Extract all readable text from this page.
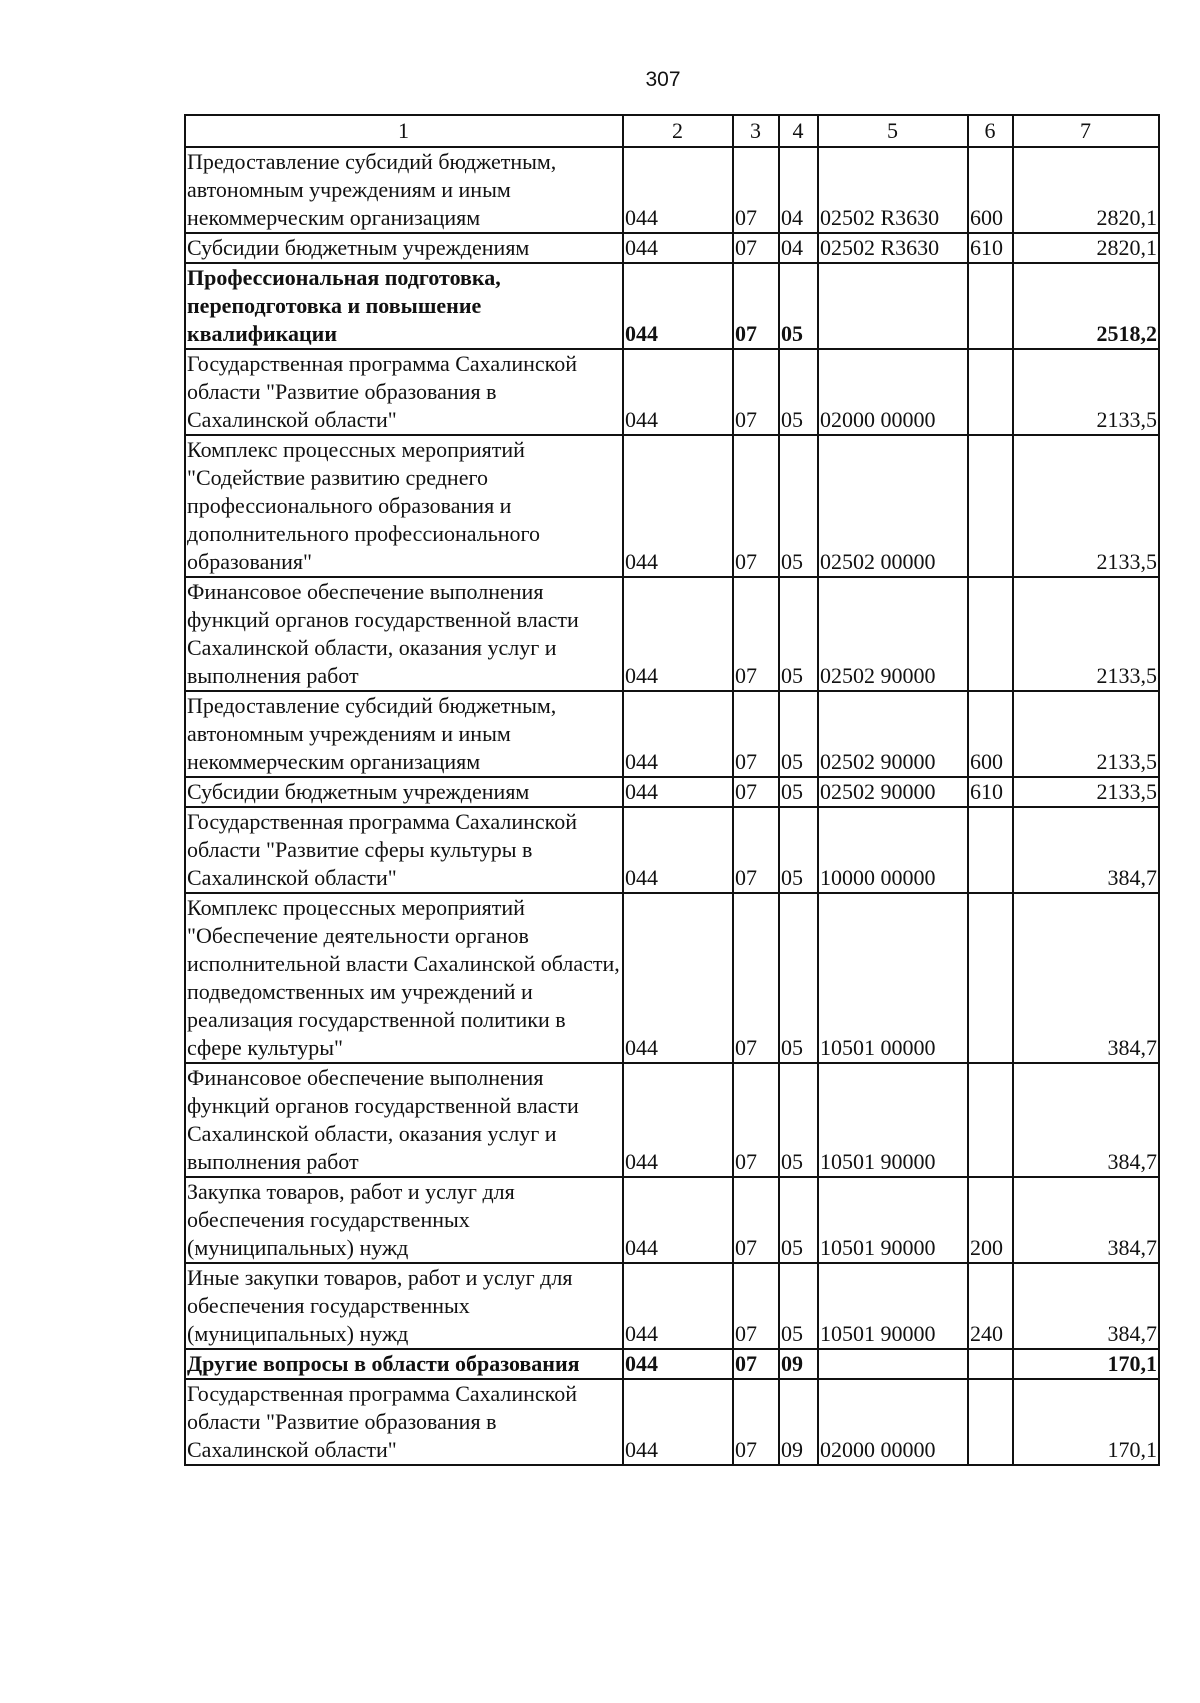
307
1	2	3	4	5	6	7
Предоставление субсидий бюджетным, автономным учреждениям и иным некоммерческим организациям	044	07	04	02502 R3630	600	2820,1
Субсидии бюджетным учреждениям	044	07	04	02502 R3630	610	2820,1
Профессиональная подготовка, переподготовка и повышение квалификации	044	07	05			2518,2
Государственная программа Сахалинской области "Развитие образования в Сахалинской области"	044	07	05	02000 00000		2133,5
Комплекс процессных мероприятий "Содействие развитию среднего профессионального образования и дополнительного профессионального образования"	044	07	05	02502 00000		2133,5
Финансовое обеспечение выполнения функций органов государственной власти Сахалинской области, оказания услуг и выполнения работ	044	07	05	02502 90000		2133,5
Предоставление субсидий бюджетным, автономным учреждениям и иным некоммерческим организациям	044	07	05	02502 90000	600	2133,5
Субсидии бюджетным учреждениям	044	07	05	02502 90000	610	2133,5
Государственная программа Сахалинской области "Развитие сферы культуры в Сахалинской области"	044	07	05	10000 00000		384,7
Комплекс процессных мероприятий "Обеспечение деятельности органов исполнительной власти Сахалинской области, подведомственных им учреждений и реализация государственной политики в сфере культуры"	044	07	05	10501 00000		384,7
Финансовое обеспечение выполнения функций органов государственной власти Сахалинской области, оказания услуг и выполнения работ	044	07	05	10501 90000		384,7
Закупка товаров, работ и услуг для обеспечения государственных (муниципальных) нужд	044	07	05	10501 90000	200	384,7
Иные закупки товаров, работ и услуг для обеспечения государственных (муниципальных) нужд	044	07	05	10501 90000	240	384,7
Другие вопросы в области образования	044	07	09			170,1
Государственная программа Сахалинской области "Развитие образования в Сахалинской области"	044	07	09	02000 00000		170,1
